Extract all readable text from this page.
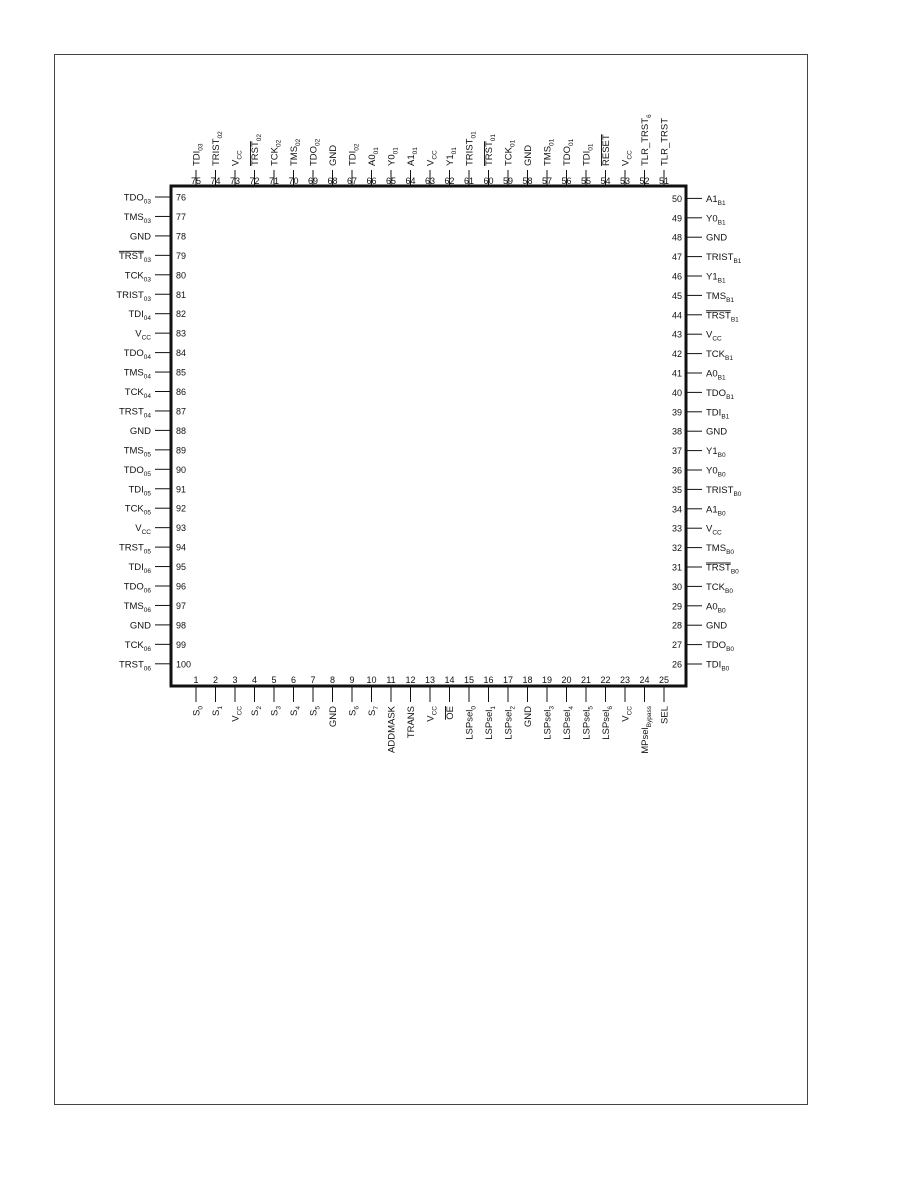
1
$S_0$
2
$S_1$
3
$V_{CC}$
4
$S_2$
5
$S_3$
6
$S_4$
7
$S_5$
8
GND
9
$S_6$
10
$S_7$
11
ADDMASK
12
TRANS
13
$V_{CC}$
14
OE
15
LSPsel$_0$
16
LSPsel$_1$
17
LSPsel$_2$
18
GND
19
LSPsel$_3$
20
LSPsel$_4$
21
LSPsel$_5$
22
LSPsel$_6$
23
$V_{CC}$
24
MPsel$_{Bypass}$
25
SEL
26	$TDI_{B0}$
27	$TDO_{B0}$
28	GND
29	$A0_{B0}$
30	$TCK_{B0}$
31	$TRST_{B0}$
32	$TMS_{B0}$
33	$V_{CC}$
34	$A1_{B0}$
35	$TRIST_{B0}$
36	$Y0_{B0}$
37	$Y1_{B0}$
38	GND
39	$TDI_{B1}$
40	$TDO_{B1}$
41	$A0_{B1}$
42	$TCK_{B1}$
43	$V_{CC}$
44	$TRST_{B1}$
45	$TMS_{B1}$
46	$Y1_{B1}$
47	$TRIST_{B1}$
48	GND
49	$Y0_{B1}$
50	$A1_{B1}$
51
TLR_TRST
52
$TLR\_TRST_6$
53
$V_{CC}$
54
RESET
55
$TDI_{01}$
56
$TDO_{01}$
57
$TMS_{01}$
58
GND
59
$TCK_{01}$
60
$TRST_{01}$
61
$TRIST_{01}$
62
$Y1_{01}$
63
$V_{CC}$
64
$A1_{01}$
65
$Y0_{01}$
66
$A0_{01}$
67
$TDI_{02}$
68
GND
69
$TDO_{02}$
70
$TMS_{02}$
71
$TCK_{02}$
72
$TRST_{02}$
73
$V_{CC}$
74
$TRIST_{02}$
75
$TDI_{03}$
76
$TDO_{03}$
77
$TMS_{03}$
78
GND
79
$TRST_{03}$
80
$TCK_{03}$
81
$TRIST_{03}$
82
$TDI_{04}$
83
$V_{CC}$
84
$TDO_{04}$
85
$TMS_{04}$
86
$TCK_{04}$
87
$TRST_{04}$
88
GND
89
$TMS_{05}$
90
$TDO_{05}$
91
$TDI_{05}$
92
$TCK_{05}$
93
$V_{CC}$
94
$TRST_{05}$
95
$TDI_{06}$
96
$TDO_{06}$
97
$TMS_{06}$
98
GND
99
$TCK_{06}$
100
$TRST_{06}$
